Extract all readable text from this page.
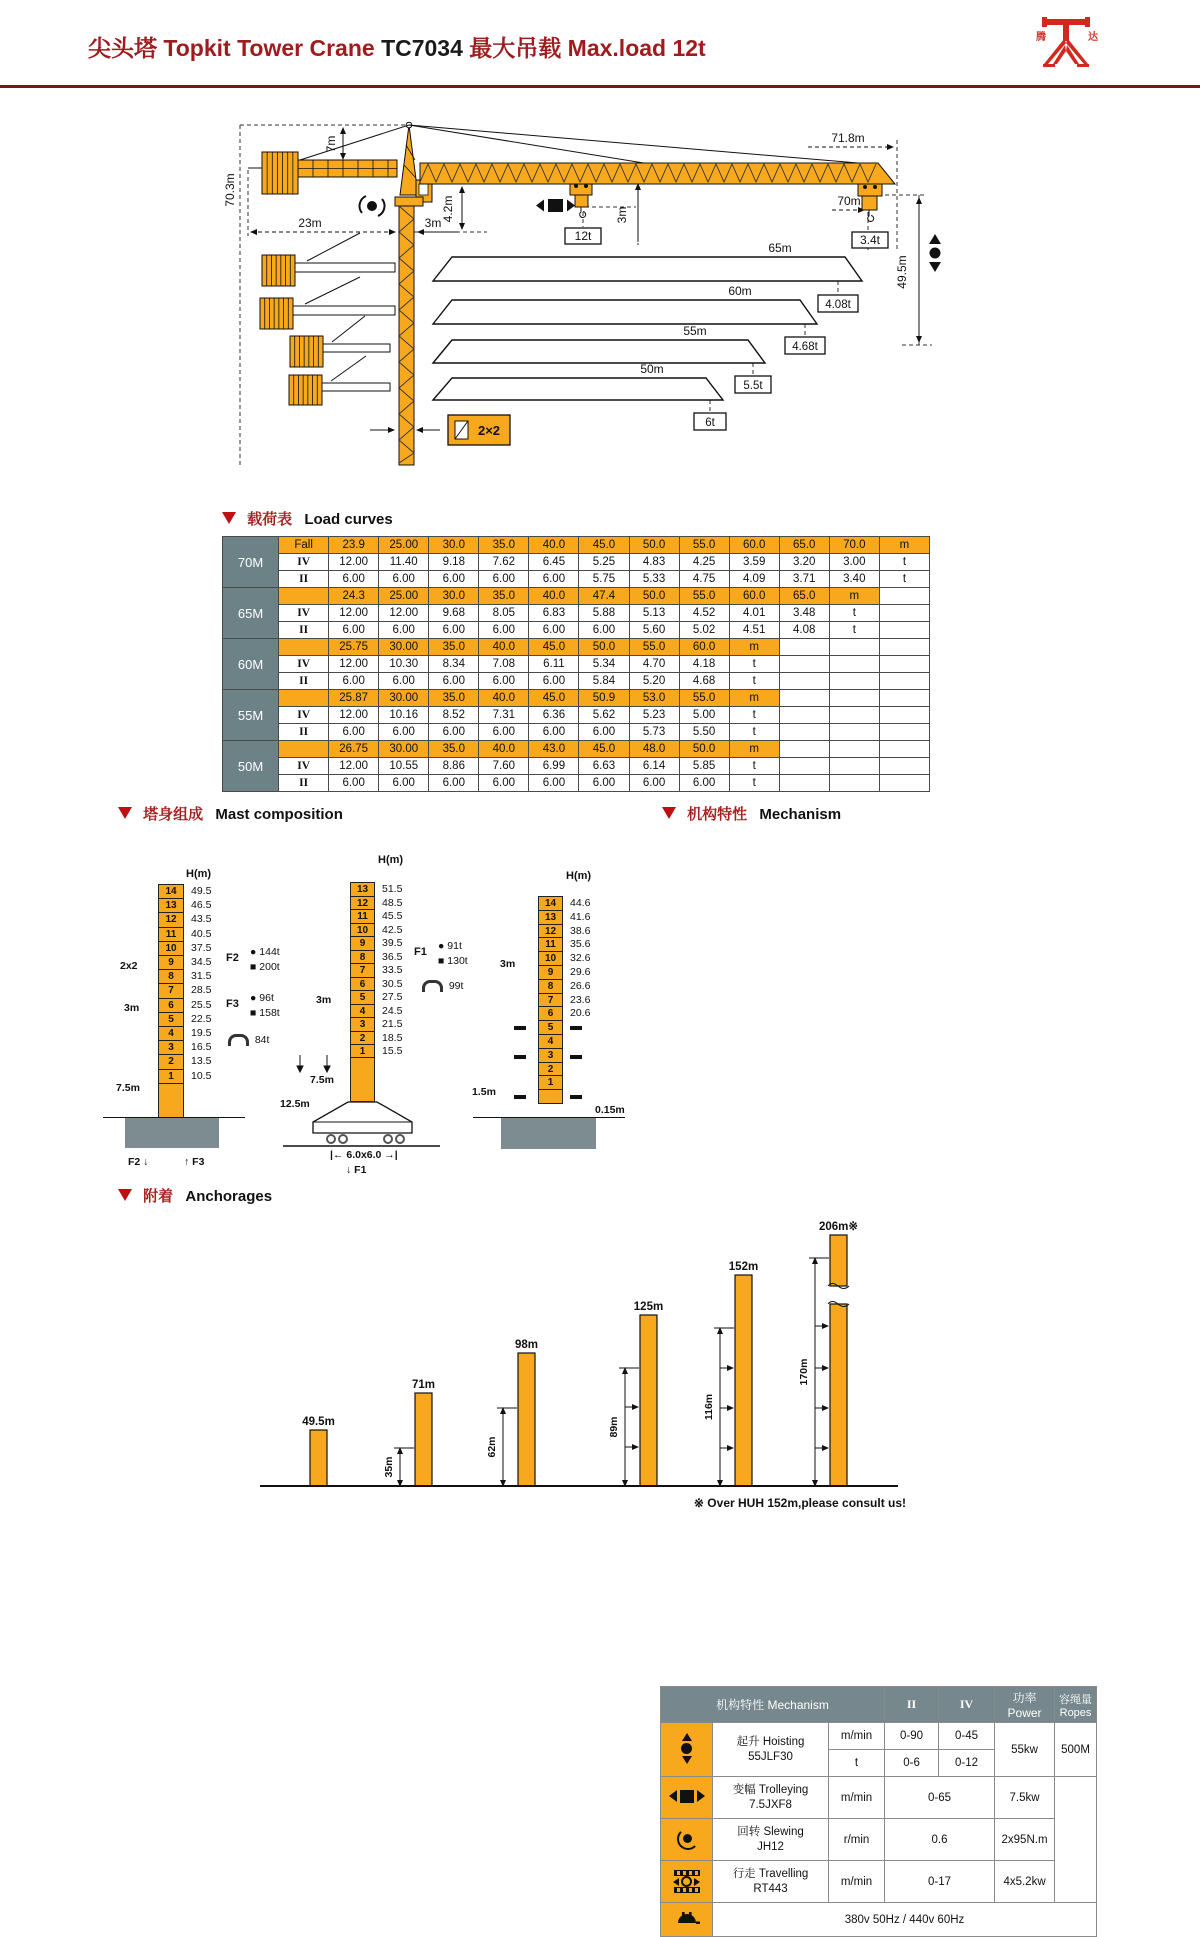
尖头塔 Topkit Tower Crane TC7034 最大吊载 Max.load 12t	腾	达
70.3m
7m
23m	3m
4.2m
12t
3m
71.8m
70m
3.4t
49.5m
2×2
65m
4.08t
60m
4.68t
55m
5.5t
50m
6t
载荷表 Load curves
70M	Fall	23.9	25.00	30.0	35.0	40.0	45.0	50.0	55.0	60.0	65.0	70.0	m
	IV	12.00	11.40	9.18	7.62	6.45	5.25	4.83	4.25	3.59	3.20	3.00	t
	II	6.00	6.00	6.00	6.00	6.00	5.75	5.33	4.75	4.09	3.71	3.40	t
65M		24.3	25.00	30.0	35.0	40.0	47.4	50.0	55.0	60.0	65.0	m	
	IV	12.00	12.00	9.68	8.05	6.83	5.88	5.13	4.52	4.01	3.48	t	
	II	6.00	6.00	6.00	6.00	6.00	6.00	5.60	5.02	4.51	4.08	t	
60M		25.75	30.00	35.0	40.0	45.0	50.0	55.0	60.0	m			
	IV	12.00	10.30	8.34	7.08	6.11	5.34	4.70	4.18	t			
	II	6.00	6.00	6.00	6.00	6.00	5.84	5.20	4.68	t			
55M		25.87	30.00	35.0	40.0	45.0	50.9	53.0	55.0	m			
	IV	12.00	10.16	8.52	7.31	6.36	5.62	5.23	5.00	t			
	II	6.00	6.00	6.00	6.00	6.00	6.00	5.73	5.50	t			
50M		26.75	30.00	35.0	40.0	43.0	45.0	48.0	50.0	m			
	IV	12.00	10.55	8.86	7.60	6.99	6.63	6.14	5.85	t			
	II	6.00	6.00	6.00	6.00	6.00	6.00	6.00	6.00	t			
塔身组成 Mast composition	机构特性 Mechanism
14	49.5
13	46.5
12	43.5
11	40.5
10	37.5
9	34.5
8	31.5
7	28.5
6	25.5
5	22.5
4	19.5
3	16.5
2	13.5
1	10.5
13	51.5
12	48.5
11	45.5
10	42.5
9	39.5
8	36.5
7	33.5
6	30.5
5	27.5
4	24.5
3	21.5
2	18.5
1	15.5
14	44.6
13	41.6
12	38.6
11	35.6
10	32.6
9	29.6
8	26.6
7	23.6
6	20.6
5
4
3
2
1
H(m)
H(m)
H(m)
2x2
3m
7.5m
F2 ↓	↑ F3
3m
7.5m
12.5m
|← 6.0x6.0 →|
↓ F1
3m
1.5m
0.15m
F2 ● 144t
■ 200t
F3 ● 96t
■ 158t
84t
F1 ● 91t
■ 130t
99t
机构特性 Mechanism			II	IV	功率 Power	容绳量
Ropes

	起升 Hoisting
55JLF30	m/min	0-90	0-45	55kw	500M
		t	0-6	0-12		

	变幅 Trolleying
7.5JXF8	m/min	0-65		7.5kw	

	回转 Slewing
JH12	r/min	0.6		2x95N.m	

	行走 Travelling
RT443	m/min	0-17		4x5.2kw	
	380v 50Hz / 440v 60Hz					
附着 Anchorages
49.5m
71m
35m
98m
62m
125m
89m
152m
116m
206m※
170m
※ Over HUH 152m,please consult us!
